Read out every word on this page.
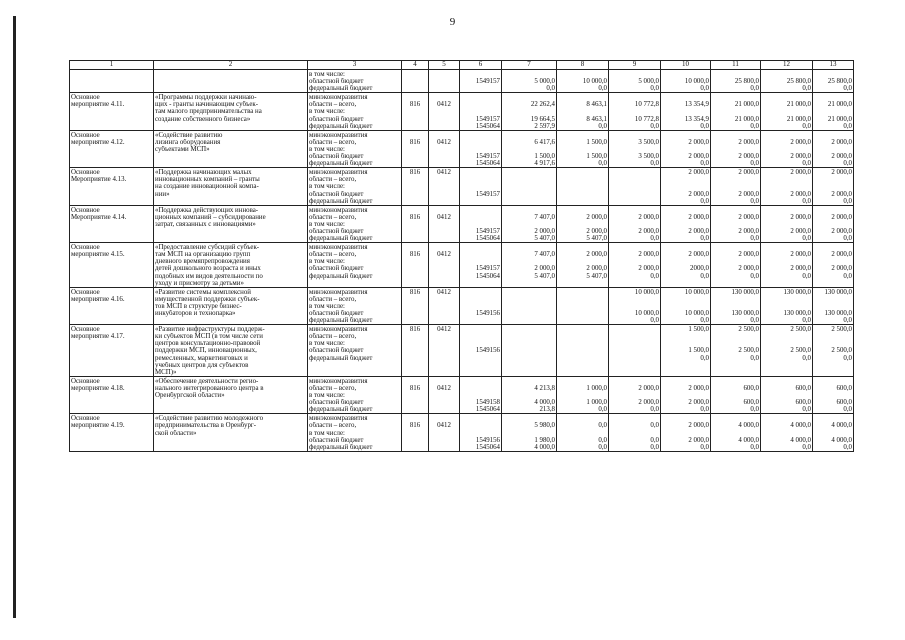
9
1	2	3	4	5	6	7	8	9	10	11	12	13
		в том числе:										
		областной бюджет			1549157	5 000,0	10 000,0	5 000,0	10 000,0	25 800,0	25 800,0	25 800,0
		федеральный бюджет				0,0	0,0	0,0	0,0	0,0	0,0	0,0
Основное	«Программы поддержки начинаю-	минэкономразвития										
мероприятие 4.11.	щих - гранты начинающим субъек-	области – всего,	816	0412		22 262,4	8 463,1	10 772,8	13 354,9	21 000,0	21 000,0	21 000,0
	там малого предпринимательства на	в том числе:										
	создание собственного бизнеса»	областной бюджет			1549157	19 664,5	8 463,1	10 772,8	13 354,9	21 000,0	21 000,0	21 000,0
		федеральный бюджет			1545064	2 597,9	0,0	0,0	0,0	0,0	0,0	0,0
Основное	«Содействие развитию	минэкономразвития										
мероприятие 4.12.	лизинга оборудования	области – всего,	816	0412		6 417,6	1 500,0	3 500,0	2 000,0	2 000,0	2 000,0	2 000,0
	субъектами МСП»	в том числе:										
		областной бюджет			1549157	1 500,0	1 500,0	3 500,0	2 000,0	2 000,0	2 000,0	2 000,0
		федеральный бюджет			1545064	4 917,6	0,0	0,0	0,0	0,0	0,0	0,0
Основное	«Поддержка начинающих малых	минэкономразвития	816	0412					2 000,0	2 000,0	2 000,0	2 000,0
Мероприятие 4.13.	инновационных компаний – гранты	области – всего,										
	на создание инновационной компа-	в том числе:										
	нии»	областной бюджет			1549157				2 000,0	2 000,0	2 000,0	2 000,0
		федеральный бюджет							0,0	0,0	0,0	0,0
Основное	«Поддержка действующих иннова-	минэкономразвития										
Мероприятие 4.14.	ционных компаний – субсидирование	области – всего,	816	0412		7 407,0	2 000,0	2 000,0	2 000,0	2 000,0	2 000,0	2 000,0
	затрат, связанных с инновациями»	в том числе:										
		областной бюджет			1549157	2 000,0	2 000,0	2 000,0	2 000,0	2 000,0	2 000,0	2 000,0
		федеральный бюджет			1545064	5 407,0	5 407,0	0,0	0,0	0,0	0,0	0,0
Основное	«Предоставление субсидий субъек-	минэкономразвития										
мероприятие 4.15.	там МСП на организацию групп	области – всего,	816	0412		7 407,0	2 000,0	2 000,0	2 000,0	2 000,0	2 000,0	2 000,0
	дневного времяпрепровождения	в том числе:										
	детей дошкольного возраста и иных	областной бюджет			1549157	2 000,0	2 000,0	2 000,0	2000,0	2 000,0	2 000,0	2 000,0
	подобных им видов деятельности по	федеральный бюджет			1545064	5 407,0	5 407,0	0,0	0,0	0,0	0,0	0,0
	уходу и присмотру за детьми»											
Основное	«Развитие системы комплексной	минэкономразвития	816	0412				10 000,0	10 000,0	130 000,0	130 000,0	130 000,0
мероприятие 4.16.	имущественной поддержки субъек-	области – всего,										
	тов МСП в структуре бизнес-	в том числе:										
	инкубаторов и технопарка»	областной бюджет			1549156			10 000,0	10 000,0	130 000,0	130 000,0	130 000,0
		федеральный бюджет						0,0	0,0	0,0	0,0	0,0
Основное	«Развитие инфраструктуры поддерж-	минэкономразвития	816	0412					1 500,0	2 500,0	2 500,0	2 500,0
мероприятие 4.17.	ки субъектов МСП (в том числе сети	области – всего,										
	центров консультационно-правовой	в том числе:										
	поддержки МСП, инновационных,	областной бюджет			1549156				1 500,0	2 500,0	2 500,0	2 500,0
	ремесленных, маркетинговых и	федеральный бюджет							0,0	0,0	0,0	0,0
	учебных центров для субъектов											
	МСП)»											
Основное	«Обеспечение деятельности регио-	минэкономразвития										
мероприятие 4.18.	нального интегрированного центра в	области – всего,	816	0412		4 213,8	1 000,0	2 000,0	2 000,0	600,0	600,0	600,0
	Оренбургской области»	в том числе:										
		областной бюджет			1549158	4 000,0	1 000,0	2 000,0	2 000,0	600,0	600,0	600,0
		федеральный бюджет			1545064	213,8	0,0	0,0	0,0	0,0	0,0	0,0
Основное	«Содействие развитию молодежного	минэкономразвития										
мероприятие 4.19.	предпринимательства в Оренбург-	области – всего,	816	0412		5 980,0	0,0	0,0	2 000,0	4 000,0	4 000,0	4 000,0
	ской области»	в том числе:										
		областной бюджет			1549156	1 980,0	0,0	0,0	2 000,0	4 000,0	4 000,0	4 000,0
		федеральный бюджет			1545064	4 000,0	0,0	0,0	0,0	0,0	0,0	0,0
